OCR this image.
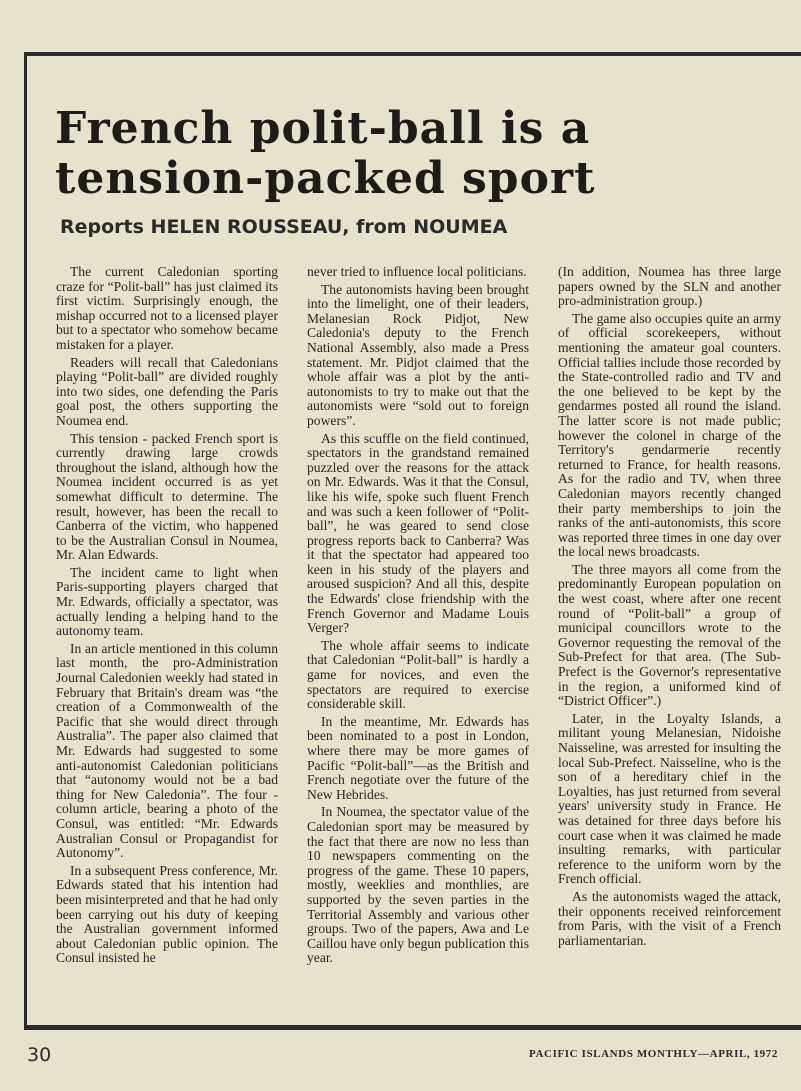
French polit-ball is a
tension-packed sport

Reports HELEN ROUSSEAU, from NOUMEA

The current Caledonian sporting craze for “Polit-ball” has just claimed its first victim. Surprisingly enough, the mishap occurred not to a licensed player but to a spectator who somehow became mistaken for a player.

Readers will recall that Caledonians playing “Polit-ball” are divided roughly into two sides, one defending the Paris goal post, the others supporting the Noumea end.

This tension - packed French sport is currently drawing large crowds throughout the island, although how the Noumea incident occurred is as yet somewhat difficult to determine. The result, however, has been the recall to Canberra of the victim, who happened to be the Australian Consul in Noumea, Mr. Alan Edwards.

The incident came to light when Paris-supporting players charged that Mr. Edwards, officially a spectator, was actually lending a helping hand to the autonomy team.

In an article mentioned in this column last month, the pro-Administration Journal Caledonien weekly had stated in February that Britain's dream was “the creation of a Commonwealth of the Pacific that she would direct through Australia”. The paper also claimed that Mr. Edwards had suggested to some anti-autonomist Caledonian politicians that “autonomy would not be a bad thing for New Caledonia”. The four - column article, bearing a photo of the Consul, was entitled: “Mr. Edwards Australian Consul or Propagandist for Autonomy”.

In a subsequent Press conference, Mr. Edwards stated that his intention had been misinterpreted and that he had only been carrying out his duty of keeping the Australian government informed about Caledonian public opinion. The Consul insisted he

never tried to influence local politicians.

The autonomists having been brought into the limelight, one of their leaders, Melanesian Rock Pidjot, New Caledonia's deputy to the French National Assembly, also made a Press statement. Mr. Pidjot claimed that the whole affair was a plot by the anti-autonomists to try to make out that the autonomists were “sold out to foreign powers”.

As this scuffle on the field continued, spectators in the grandstand remained puzzled over the reasons for the attack on Mr. Edwards. Was it that the Consul, like his wife, spoke such fluent French and was such a keen follower of “Polit-ball”, he was geared to send close progress reports back to Canberra? Was it that the spectator had appeared too keen in his study of the players and aroused suspicion? And all this, despite the Edwards' close friendship with the French Governor and Madame Louis Verger?

The whole affair seems to indicate that Caledonian “Polit-ball” is hardly a game for novices, and even the spectators are required to exercise considerable skill.

In the meantime, Mr. Edwards has been nominated to a post in London, where there may be more games of Pacific “Polit-ball”—as the British and French negotiate over the future of the New Hebrides.

In Noumea, the spectator value of the Caledonian sport may be measured by the fact that there are now no less than 10 newspapers commenting on the progress of the game. These 10 papers, mostly, weeklies and monthlies, are supported by the seven parties in the Territorial Assembly and various other groups. Two of the papers, Awa and Le Caillou have only begun publication this year.

(In addition, Noumea has three large papers owned by the SLN and another pro-administration group.)

The game also occupies quite an army of official scorekeepers, without mentioning the amateur goal counters. Official tallies include those recorded by the State-controlled radio and TV and the one believed to be kept by the gendarmes posted all round the island. The latter score is not made public; however the colonel in charge of the Territory's gendarmerie recently returned to France, for health reasons. As for the radio and TV, when three Caledonian mayors recently changed their party memberships to join the ranks of the anti-autonomists, this score was reported three times in one day over the local news broadcasts.

The three mayors all come from the predominantly European population on the west coast, where after one recent round of “Polit-ball” a group of municipal councillors wrote to the Governor requesting the removal of the Sub-Prefect for that area. (The Sub-Prefect is the Governor's representative in the region, a uniformed kind of “District Officer”.)

Later, in the Loyalty Islands, a militant young Melanesian, Nidoishe Naisseline, was arrested for insulting the local Sub-Prefect. Naisseline, who is the son of a hereditary chief in the Loyalties, has just returned from several years' university study in France. He was detained for three days before his court case when it was claimed he made insulting remarks, with particular reference to the uniform worn by the French official.

As the autonomists waged the attack, their opponents received reinforcement from Paris, with the visit of a French parliamentarian.

30	PACIFIC ISLANDS MONTHLY—APRIL, 1972
